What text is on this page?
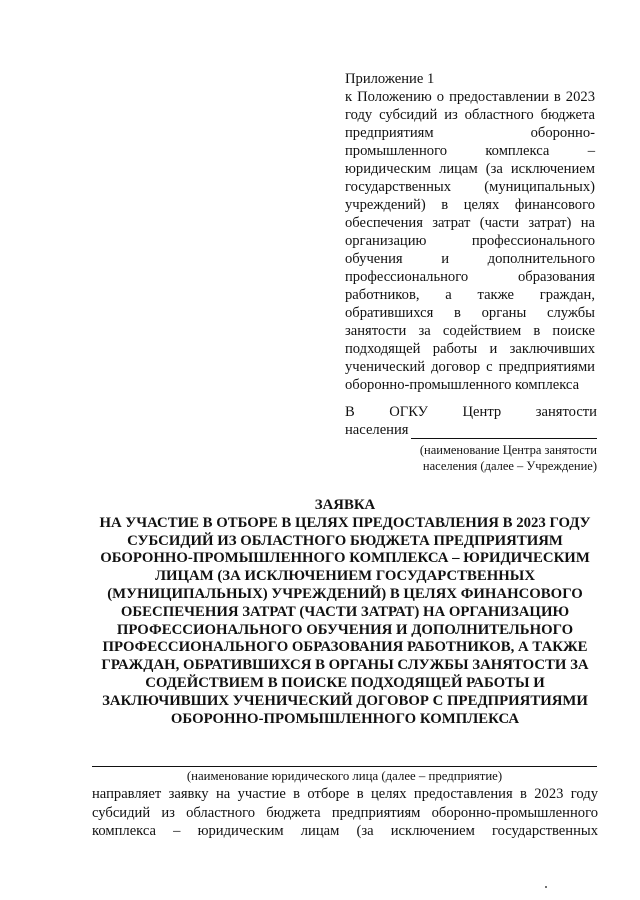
Приложение 1
к Положению о предоставлении в 2023 году субсидий из областного бюджета предприятиям оборонно-промышленного комплекса – юридическим лицам (за исключением государственных (муниципальных) учреждений) в целях финансового обеспечения затрат (части затрат) на организацию профессионального обучения и дополнительного профессионального образования работников, а также граждан, обратившихся в органы службы занятости за содействием в поиске подходящей работы и заключивших ученический договор с предприятиями оборонно-промышленного комплекса
В ОГКУ Центр занятости
населения
(наименование Центра занятости населения (далее – Учреждение)
ЗАЯВКА
НА УЧАСТИЕ В ОТБОРЕ В ЦЕЛЯХ ПРЕДОСТАВЛЕНИЯ В 2023 ГОДУ СУБСИДИЙ ИЗ ОБЛАСТНОГО БЮДЖЕТА ПРЕДПРИЯТИЯМ ОБОРОННО-ПРОМЫШЛЕННОГО КОМПЛЕКСА – ЮРИДИЧЕСКИМ ЛИЦАМ (ЗА ИСКЛЮЧЕНИЕМ ГОСУДАРСТВЕННЫХ (МУНИЦИПАЛЬНЫХ) УЧРЕЖДЕНИЙ) В ЦЕЛЯХ ФИНАНСОВОГО ОБЕСПЕЧЕНИЯ ЗАТРАТ (ЧАСТИ ЗАТРАТ) НА ОРГАНИЗАЦИЮ ПРОФЕССИОНАЛЬНОГО ОБУЧЕНИЯ И ДОПОЛНИТЕЛЬНОГО ПРОФЕССИОНАЛЬНОГО ОБРАЗОВАНИЯ РАБОТНИКОВ, А ТАКЖЕ ГРАЖДАН, ОБРАТИВШИХСЯ В ОРГАНЫ СЛУЖБЫ ЗАНЯТОСТИ ЗА СОДЕЙСТВИЕМ В ПОИСКЕ ПОДХОДЯЩЕЙ РАБОТЫ И ЗАКЛЮЧИВШИХ УЧЕНИЧЕСКИЙ ДОГОВОР С ПРЕДПРИЯТИЯМИ ОБОРОННО-ПРОМЫШЛЕННОГО КОМПЛЕКСА
(наименование юридического лица (далее – предприятие)
направляет заявку на участие в отборе в целях предоставления в 2023 году субсидий из областного бюджета предприятиям оборонно-промышленного комплекса – юридическим лицам (за исключением государственных
